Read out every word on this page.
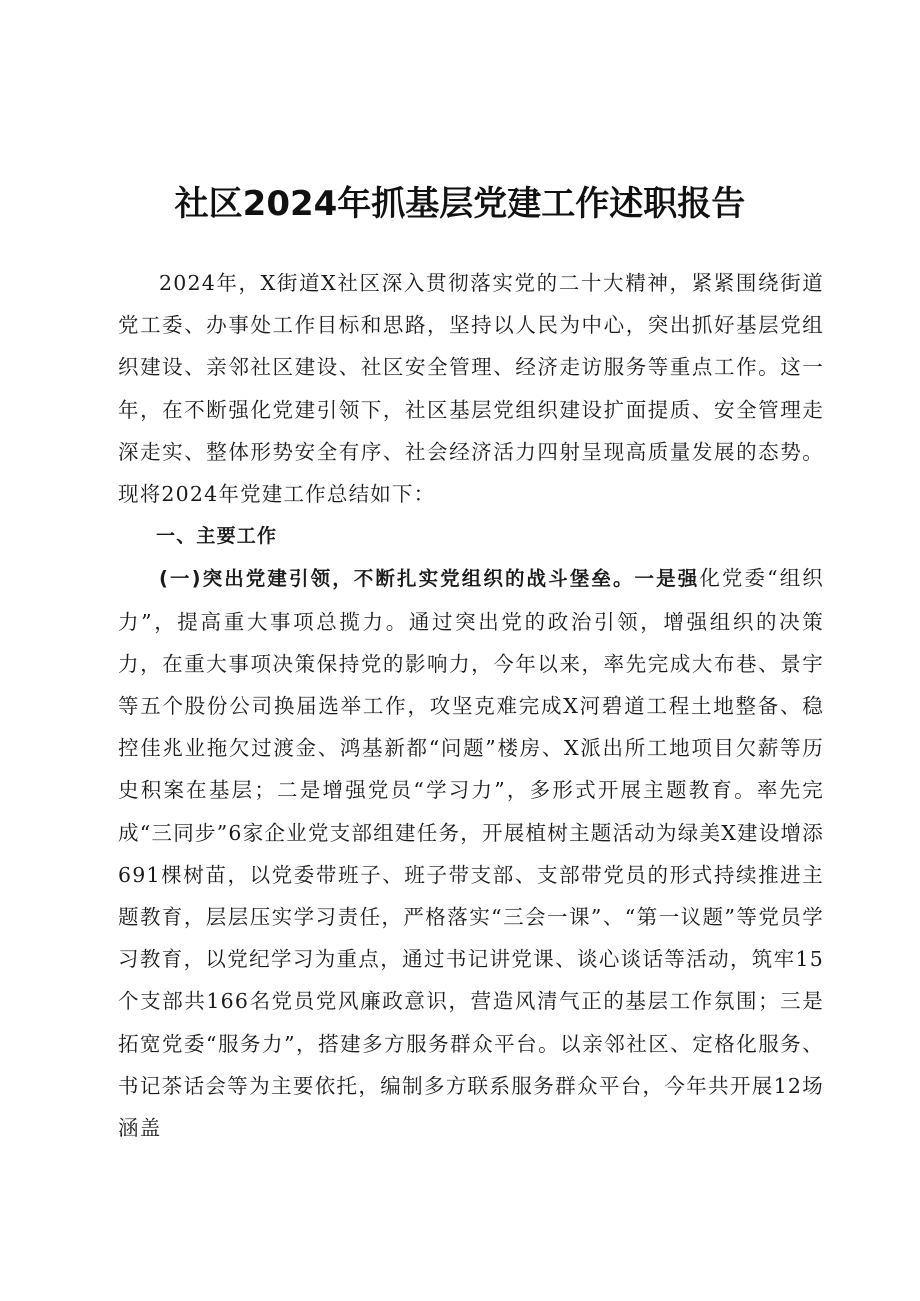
社区2024年抓基层党建工作述职报告

2024年，X街道X社区深入贯彻落实党的二十大精神，紧紧围绕街道党工委、办事处工作目标和思路，坚持以人民为中心，突出抓好基层党组织建设、亲邻社区建设、社区安全管理、经济走访服务等重点工作。这一年，在不断强化党建引领下，社区基层党组织建设扩面提质、安全管理走深走实、整体形势安全有序、社会经济活力四射呈现高质量发展的态势。现将2024年党建工作总结如下：

一、主要工作

(一)突出党建引领，不断扎实党组织的战斗堡垒。一是强化党委“组织力”，提高重大事项总揽力。通过突出党的政治引领，增强组织的决策力，在重大事项决策保持党的影响力，今年以来，率先完成大布巷、景宇等五个股份公司换届选举工作，攻坚克难完成X河碧道工程土地整备、稳控佳兆业拖欠过渡金、鸿基新都“问题”楼房、X派出所工地项目欠薪等历史积案在基层；二是增强党员“学习力”，多形式开展主题教育。率先完成“三同步”6家企业党支部组建任务，开展植树主题活动为绿美X建设增添691棵树苗，以党委带班子、班子带支部、支部带党员的形式持续推进主题教育，层层压实学习责任，严格落实“三会一课”、“第一议题”等党员学习教育，以党纪学习为重点，通过书记讲党课、谈心谈话等活动，筑牢15个支部共166名党员党风廉政意识，营造风清气正的基层工作氛围；三是拓宽党委“服务力”，搭建多方服务群众平台。以亲邻社区、定格化服务、书记茶话会等为主要依托，编制多方联系服务群众平台，今年共开展12场涵盖
